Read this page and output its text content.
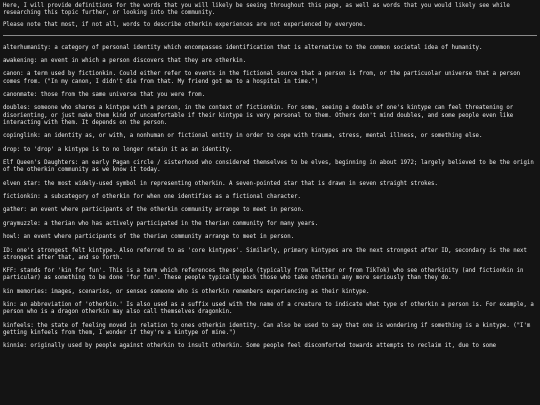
Here, I will provide definitions for the words that you will likely be seeing throughout this page, as well as words that you would likely see while researching this topic further, or looking into the community.

Please note that most, if not all, words to describe otherkin experiences are not experienced by everyone.

alterhumanity: a category of personal identity which encompasses identification that is alternative to the common societal idea of humanity.

awakening: an event in which a person discovers that they are otherkin.

canon: a term used by fictionkin. Could either refer to events in the fictional source that a person is from, or the particuolar universe that a person comes from. ("In my canon, I didn't die from that. My friend got me to a hospital in time.")

canonmate: those from the same universe that you were from.

doubles: someone who shares a kintype with a person, in the context of fictionkin. For some, seeing a double of one's kintype can feel threatening or disorienting, or just make them kind of uncomfortable if their kintype is very personal to them. Others don't mind doubles, and some people even like interacting with them. It depends on the person.

copinglink: an identity as, or with, a nonhuman or fictional entity in order to cope with trauma, stress, mental illness, or something else.

drop: to 'drop' a kintype is to no longer retain it as an identity.

Elf Queen's Daughters: an early Pagan circle / sisterhood who considered themselves to be elves, beginning in about 1972; largely believed to be the origin of the otherkin community as we know it today.

elven star: the most widely-used symbol in representing otherkin. A seven-pointed star that is drawn in seven straight strokes.

fictionkin: a subcategory of otherkin for when one identifies as a fictional character.

gather: an event where participants of the otherkin community arrange to meet in person.

graymuzzle: a therian who has actively participated in the therian community for many years.

howl: an event where participants of the therian community arrange to meet in person.

ID: one's strongest felt kintype. Also referred to as 'core kintypes'. Similarly, primary kintypes are the next strongest after ID, secondary is the next strongest after that, and so forth.

KFF: stands for 'kin for fun'. This is a term which references the people (typically from Twitter or from TikTok) who see otherkinity (and fictionkin in particular) as something to be done 'for fun'. These people typically mock those who take otherkin any more seriously than they do.

kin memories: images, scenarios, or senses someone who is otherkin remembers experiencing as their kintype.

kin: an abbreviation of 'otherkin.' Is also used as a suffix used with the name of a creature to indicate what type of otherkin a person is. For example, a person who is a dragon otherkin may also call themselves dragonkin.

kinfeels: the state of feeling moved in relation to ones otherkin identity. Can also be used to say that one is wondering if something is a kintype. ("I'm getting kinfeels from them, I wonder if they're a kintype of mine.")

kinnie: originally used by people against otherkin to insult otherkin. Some people feel discomforted towards attempts to reclaim it, due to some
